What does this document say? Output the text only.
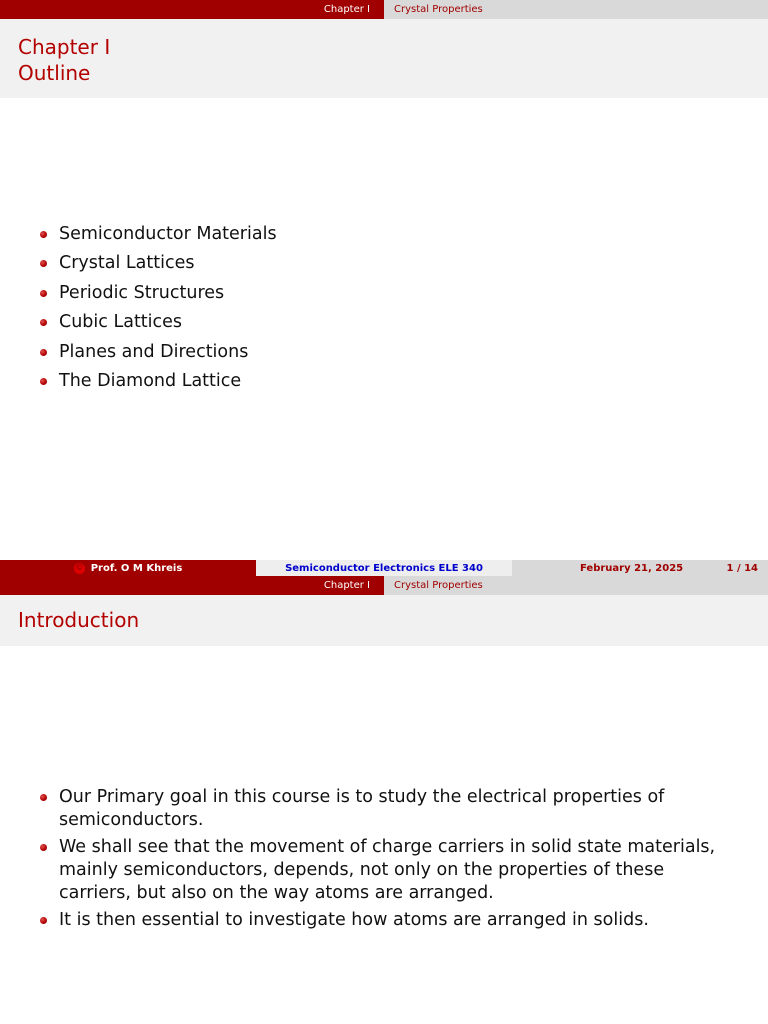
Chapter I Crystal Properties
Chapter I
Outline
Semiconductor Materials
Crystal Lattices
Periodic Structures
Cubic Lattices
Planes and Directions
The Diamond Lattice
© Prof. O M Khreis	Semiconductor Electronics ELE 340	February 21, 2025	1 / 14
Chapter I Crystal Properties
Introduction
Our Primary goal in this course is to study the electrical properties of semiconductors.
We shall see that the movement of charge carriers in solid state materials, mainly semiconductors, depends, not only on the properties of these carriers, but also on the way atoms are arranged.
It is then essential to investigate how atoms are arranged in solids.
